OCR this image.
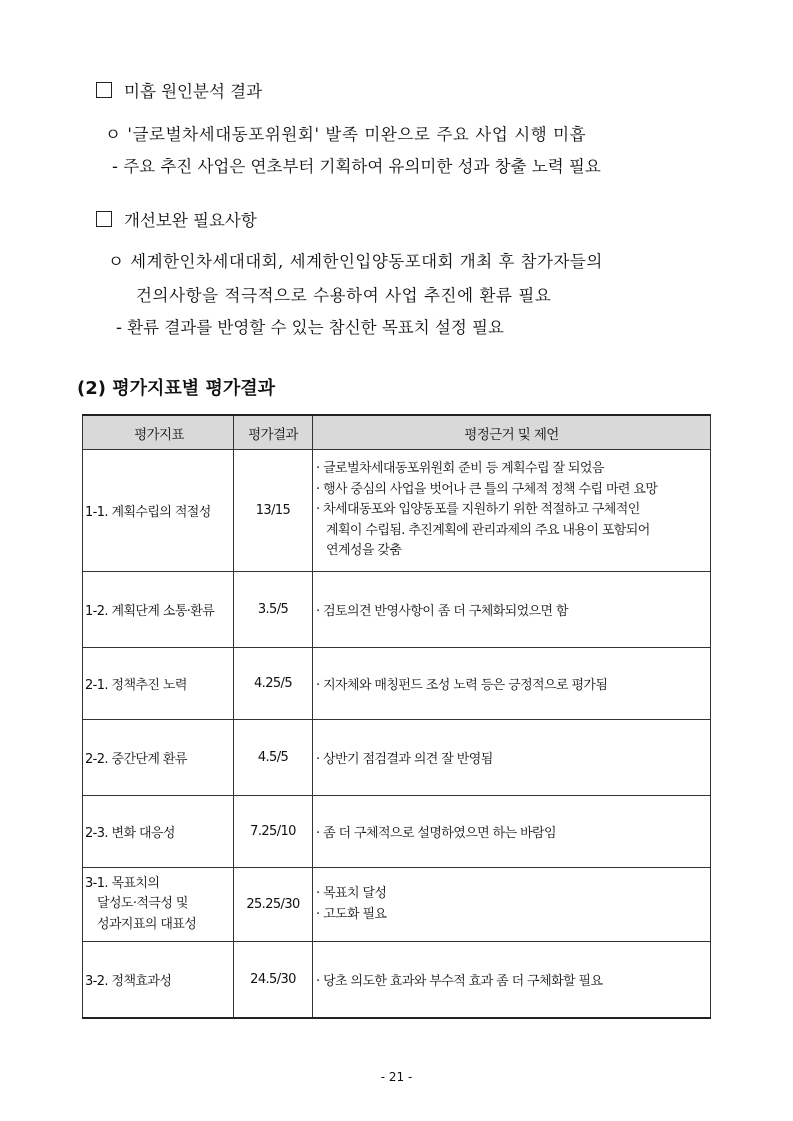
미흡 원인분석 결과
ㅇ '글로벌차세대동포위원회' 발족 미완으로 주요 사업 시행 미흡
- 주요 추진 사업은 연초부터 기획하여 유의미한 성과 창출 노력 필요
개선보완 필요사항
ㅇ 세계한인차세대대회, 세계한인입양동포대회 개최 후 참가자들의
건의사항을 적극적으로 수용하여 사업 추진에 환류 필요
- 환류 결과를 반영할 수 있는 참신한 목표치 설정 필요
(2) 평가지표별 평가결과
평가지표	평가결과	평정근거 및 제언
1-1. 계획수립의 적절성	13/15	· 글로벌차세대동포위원회 준비 등 계획수립 잘 되었음
· 행사 중심의 사업을 벗어나 큰 틀의 구체적 정책 수립 마련 요망
· 차세대동포와 입양동포를 지원하기 위한 적절하고 구체적인
계획이 수립됨. 추진계획에 관리과제의 주요 내용이 포함되어
연계성을 갖춤

1-2. 계획단계 소통·환류	3.5/5	· 검토의견 반영사항이 좀 더 구체화되었으면 함
2-1. 정책추진 노력	4.25/5	· 지자체와 매칭펀드 조성 노력 등은 긍정적으로 평가됨
2-2. 중간단계 환류	4.5/5	· 상반기 점검결과 의견 잘 반영됨
2-3. 변화 대응성	7.25/10	· 좀 더 구체적으로 설명하였으면 하는 바람임

3-1. 목표치의
달성도·적극성 및
성과지표의 대표성	25.25/30	· 목표치 달성
· 고도화 필요

3-2. 정책효과성	24.5/30	· 당초 의도한 효과와 부수적 효과 좀 더 구체화할 필요
- 21 -
